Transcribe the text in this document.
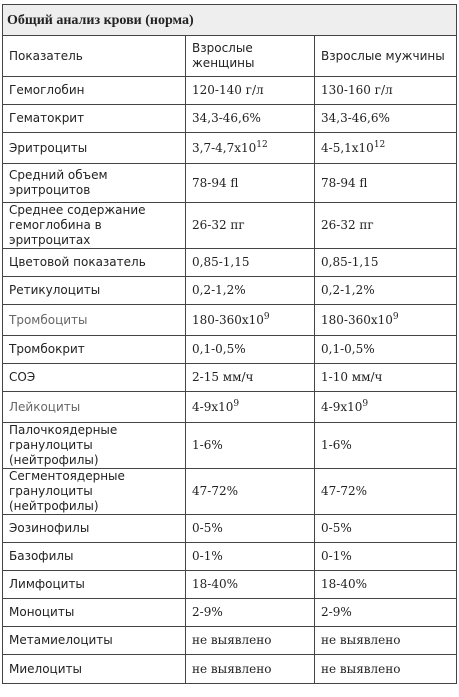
Общий анализ крови (норма)		
Показатель	Взрослые женщины	Взрослые мужчины
Гемоглобин	120-140 г/л	130-160 г/л
Гематокрит	34,3-46,6%	34,3-46,6%
Эритроциты	$3,7-4,7х10^{12}$	$4-5,1х10^{12}$
Средний объем эритроцитов	78-94 fl	78-94 fl
Среднее содержание гемоглобина в эритроцитах	26-32 пг	26-32 пг
Цветовой показатель	0,85-1,15	0,85-1,15
Ретикулоциты	0,2-1,2%	0,2-1,2%
Тромбоциты	$180-360х10^9$	$180-360х10^9$
Тромбокрит	0,1-0,5%	0,1-0,5%
СОЭ	2-15 мм/ч	1-10 мм/ч
Лейкоциты	$4-9х10^9$	$4-9х10^9$
Палочкоядерные гранулоциты (нейтрофилы)	1-6%	1-6%
Сегментоядерные гранулоциты (нейтрофилы)	47-72%	47-72%
Эозинофилы	0-5%	0-5%
Базофилы	0-1%	0-1%
Лимфоциты	18-40%	18-40%
Моноциты	2-9%	2-9%
Метамиелоциты	не выявлено	не выявлено
Миелоциты	не выявлено	не выявлено
